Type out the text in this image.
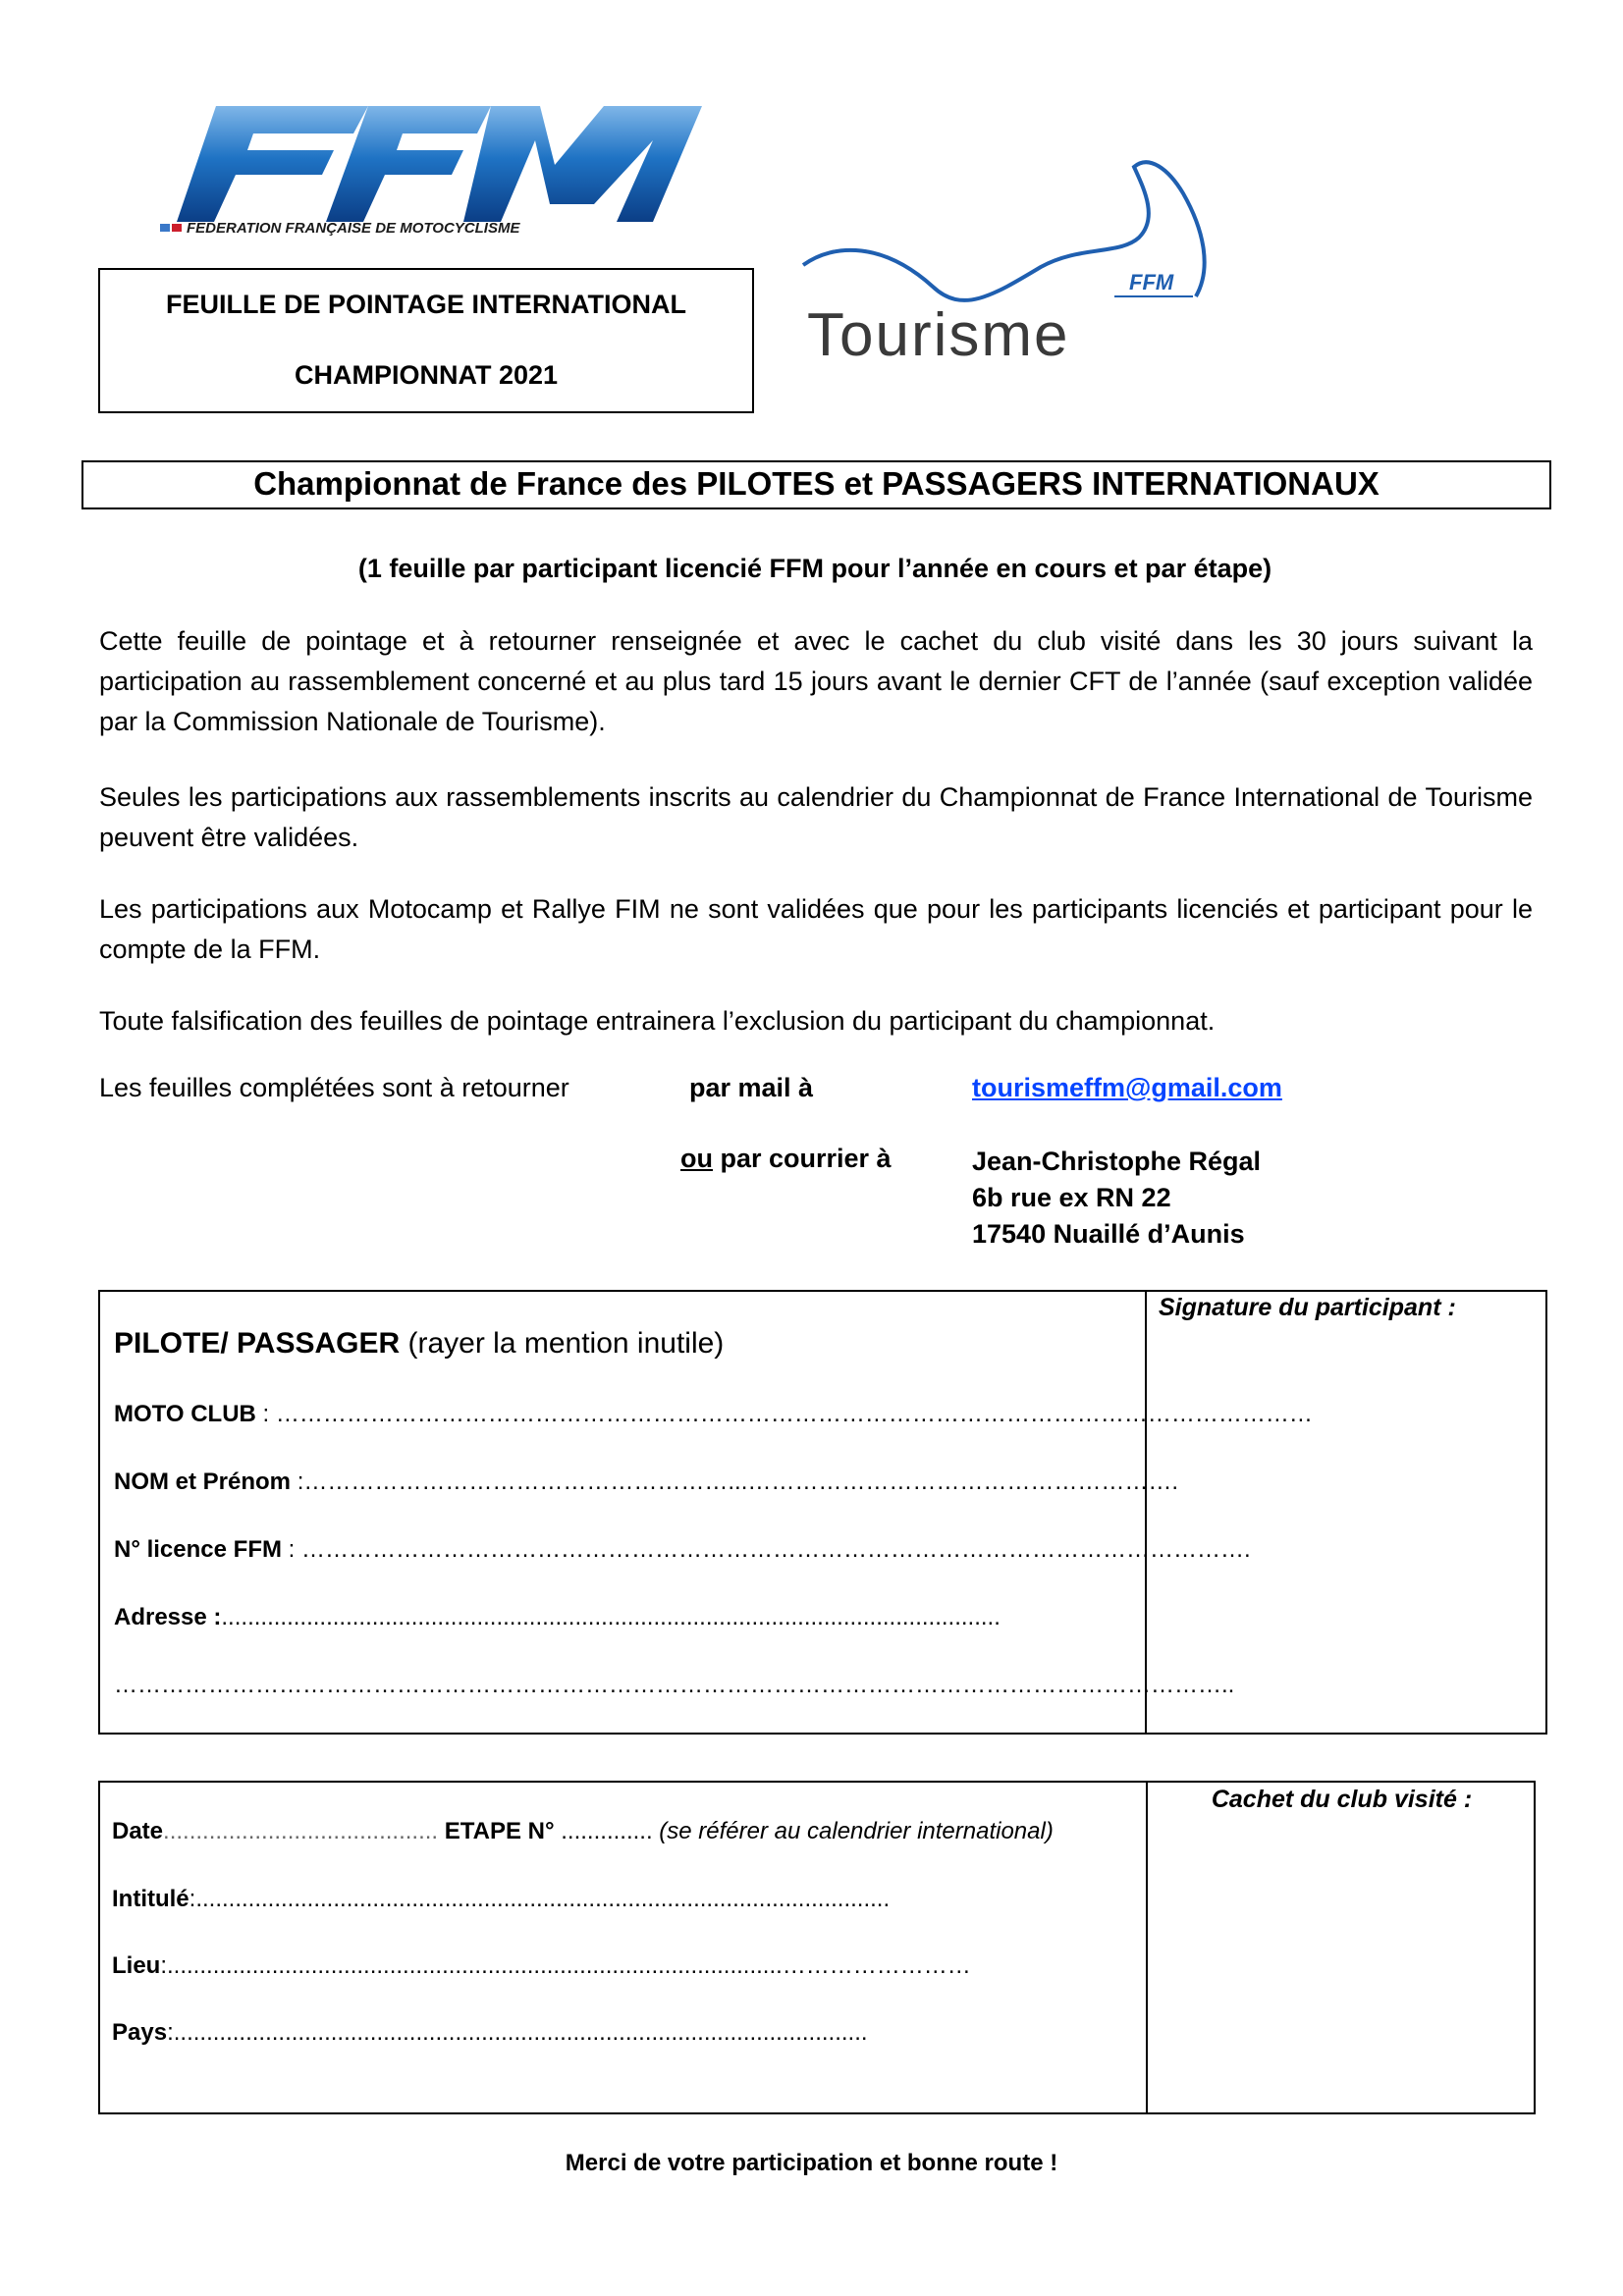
FEDERATION FRANÇAISE DE MOTOCYCLISME
FFM
Tourisme
FEUILLE DE POINTAGE INTERNATIONAL
CHAMPIONNAT 2021
Championnat de France des PILOTES et PASSAGERS INTERNATIONAUX
(1 feuille par participant licencié FFM pour l’année en cours et par étape)
Cette feuille de pointage et à retourner renseignée et avec le cachet du club visité dans les 30 jours suivant la participation au rassemblement concerné et au plus tard 15 jours avant le dernier CFT de l’année (sauf exception validée par la Commission Nationale de Tourisme).
Seules les participations aux rassemblements inscrits au calendrier du Championnat de France International de Tourisme peuvent être validées.
Les participations aux Motocamp et Rallye FIM ne sont validées que pour les participants licenciés et participant pour le compte de la FFM.
Toute falsification des feuilles de pointage entrainera l’exclusion du participant du championnat.
Les feuilles complétées sont à retourner	par mail à	tourismeffm@gmail.com
ou par courrier à	Jean-Christophe Régal
6b rue ex RN 22
17540 Nuaillé d’Aunis
Signature du participant :
PILOTE/ PASSAGER (rayer la mention inutile)
MOTO CLUB : ……………………………………………………………………………………………………………………
NOM et Prénom :………………………………………………...……………………………………………….
N° licence FFM : ………………………………………………………………………………………………………….
Adresse :.......................................................................................................................
……………………………………………………………………………………………………………………………..
Cachet du club visité :
Date.......................................... ETAPE N° .............. (se référer au calendrier international)
Intitulé:..........................................................................................................
Lieu:..............................................................................................……………………
Pays:..........................................................................................................
Merci de votre participation et bonne route !
